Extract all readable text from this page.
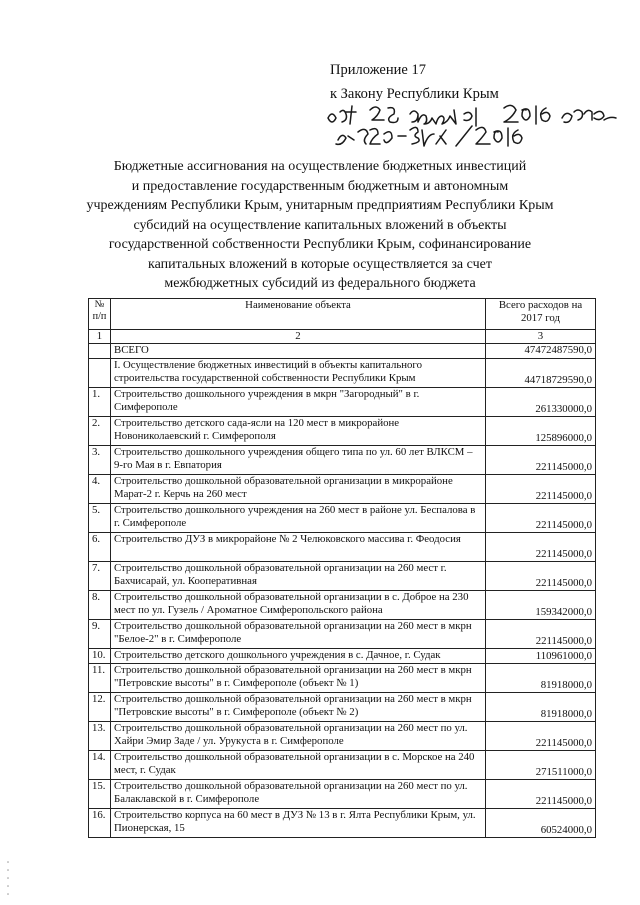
Приложение 17
к Закону Республики Крым
Бюджетные ассигнования на осуществление бюджетных инвестиций
и предоставление государственным бюджетным и автономным
учреждениям Республики Крым, унитарным предприятиям Республики Крым
субсидий на осуществление капитальных вложений в объекты
государственной собственности Республики Крым, софинансирование
капитальных вложений в которые осуществляется за счет
межбюджетных субсидий из федерального бюджета
№ п/п	Наименование объекта	Всего расходов на 2017 год
1	2	3
	ВСЕГО	47472487590,0
	I. Осуществление бюджетных инвестиций в объекты капитального строительства государственной собственности Республики Крым	44718729590,0
1.	Строительство дошкольного учреждения в мкрн "Загородный" в г. Симферополе	261330000,0
2.	Строительство детского сада-ясли на 120 мест в микрорайоне Новониколаевский г. Симферополя	125896000,0
3.	Строительство дошкольного учреждения общего типа по ул. 60 лет ВЛКСМ – 9-го Мая в г. Евпатория	221145000,0
4.	Строительство дошкольной образовательной организации в микрорайоне Марат-2 г. Керчь на 260 мест	221145000,0
5.	Строительство дошкольного учреждения на 260 мест в районе ул. Беспалова в г. Симферополе	221145000,0
6.	Строительство ДУЗ в микрорайоне № 2 Челюковского массива г. Феодосия	221145000,0
7.	Строительство дошкольной образовательной организации на 260 мест г. Бахчисарай, ул. Кооперативная	221145000,0
8.	Строительство дошкольной образовательной организации в с. Доброе на 230 мест по ул. Гузель / Ароматное Симферопольского района	159342000,0
9.	Строительство дошкольной образовательной организации на 260 мест в мкрн "Белое-2" в г. Симферополе	221145000,0
10.	Строительство детского дошкольного учреждения в с. Дачное, г. Судак	110961000,0
11.	Строительство дошкольной образовательной организации на 260 мест в мкрн "Петровские высоты" в г. Симферополе (объект № 1)	81918000,0
12.	Строительство дошкольной образовательной организации на 260 мест в мкрн "Петровские высоты" в г. Симферополе (объект № 2)	81918000,0
13.	Строительство дошкольной образовательной организации на 260 мест по ул. Хайри Эмир Заде / ул. Урукуста в г. Симферополе	221145000,0
14.	Строительство дошкольной образовательной организации в с. Морское на 240 мест, г. Судак	271511000,0
15.	Строительство дошкольной образовательной организации на 260 мест по ул. Балаклавской в г. Симферополе	221145000,0
16.	Строительство корпуса на 60 мест в ДУЗ № 13 в г. Ялта Республики Крым, ул. Пионерская, 15	60524000,0
